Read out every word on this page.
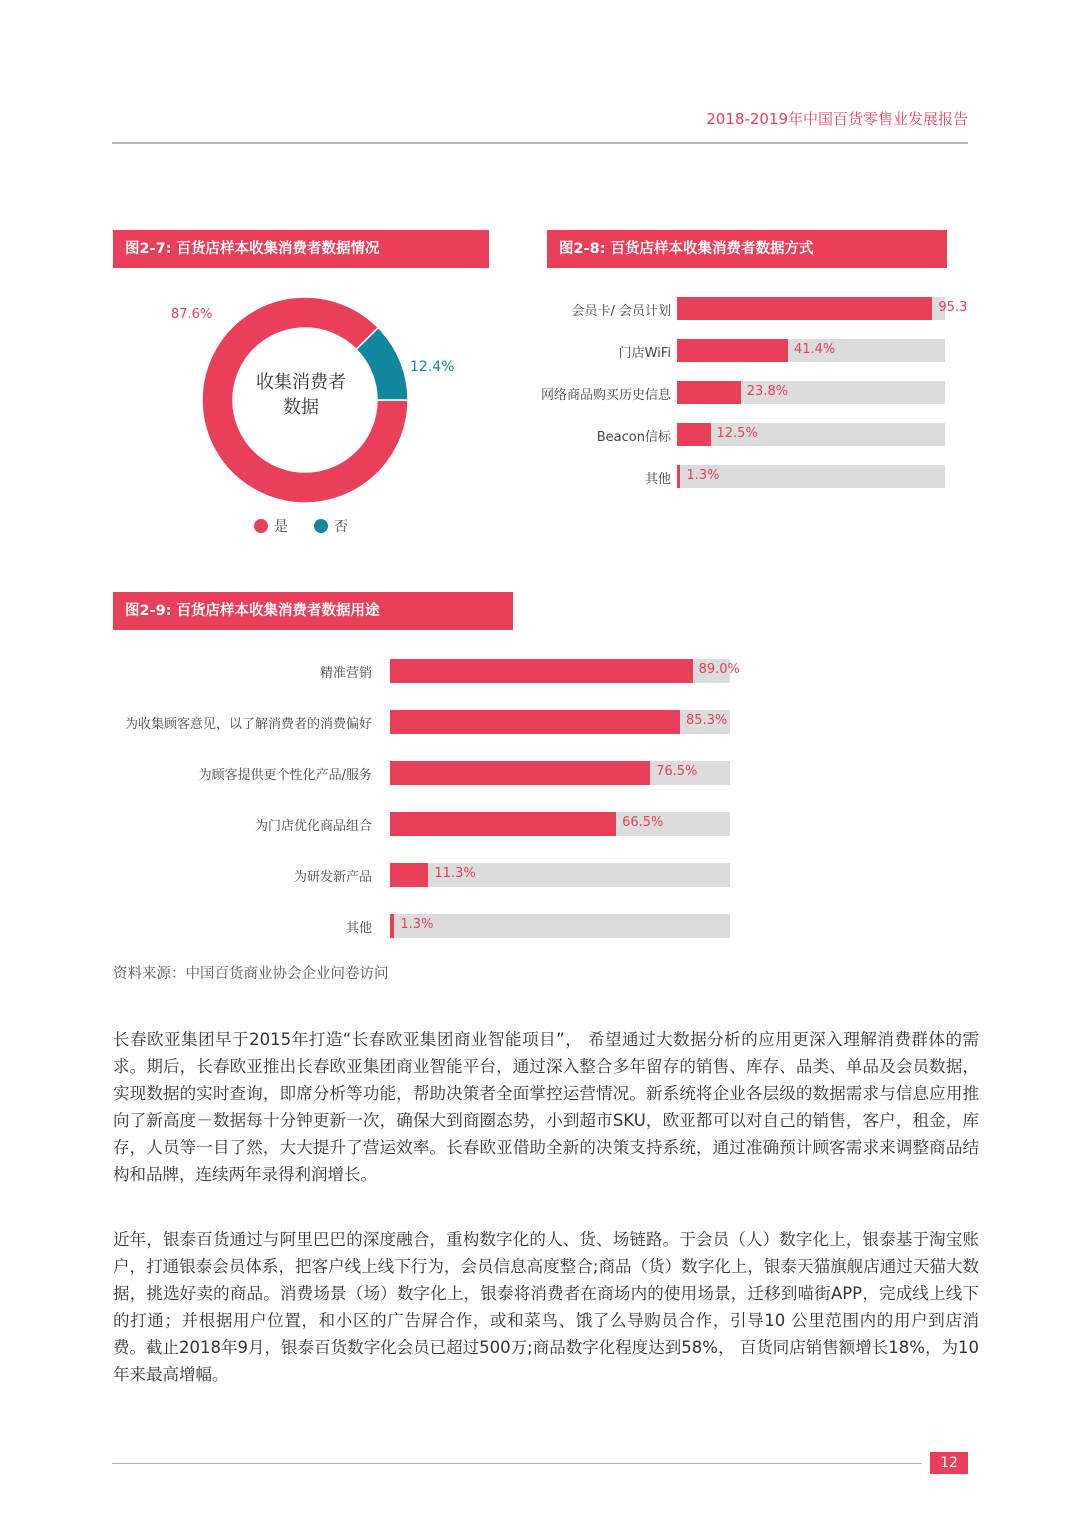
2018-2019年中国百货零售业发展报告
图2-7: 百货店样本收集消费者数据情况
87.6%
12.4%
收集消费者
数据
是	否
图2-8: 百货店样本收集消费者数据方式
会员卡/ 会员计划	95.3
门店WiFi	41.4%
网络商品购买历史信息	23.8%
Beacon信标	12.5%
其他 1.3%
图2-9: 百货店样本收集消费者数据用途
精准营销	89.0%
为收集顾客意见，以了解消费者的消费偏好	85.3%
为顾客提供更个性化产品/服务	76.5%
为门店优化商品组合	66.5%
为研发新产品	11.3%
其他 1.3%
资料来源：中国百货商业协会企业问卷访问
长春欧亚集团早于2015年打造“长春欧亚集团商业智能项目”， 希望通过大数据分析的应用更深入理解消费群体的需求。期后，长春欧亚推出长春欧亚集团商业智能平台，通过深入整合多年留存的销售、库存、品类、单品及会员数据，实现数据的实时查询，即席分析等功能，帮助决策者全面掌控运营情况。新系统将企业各层级的数据需求与信息应用推向了新高度－数据每十分钟更新一次，确保大到商圈态势，小到超市SKU，欧亚都可以对自己的销售，客户，租金，库存，人员等一目了然，大大提升了营运效率。长春欧亚借助全新的决策支持系统，通过准确预计顾客需求来调整商品结构和品牌，连续两年录得利润增长。
近年，银泰百货通过与阿里巴巴的深度融合，重构数字化的人、货、场链路。于会员（人）数字化上，银泰基于淘宝账户，打通银泰会员体系，把客户线上线下行为，会员信息高度整合;商品（货）数字化上，银泰天猫旗舰店通过天猫大数据，挑选好卖的商品。消费场景（场）数字化上，银泰将消费者在商场内的使用场景，迁移到喵街APP，完成线上线下的打通；并根据用户位置，和小区的广告屏合作，或和菜鸟、饿了么导购员合作，引导10 公里范围内的用户到店消费。截止2018年9月，银泰百货数字化会员已超过500万;商品数字化程度达到58%， 百货同店销售额增长18%，为10年来最高增幅。
12
